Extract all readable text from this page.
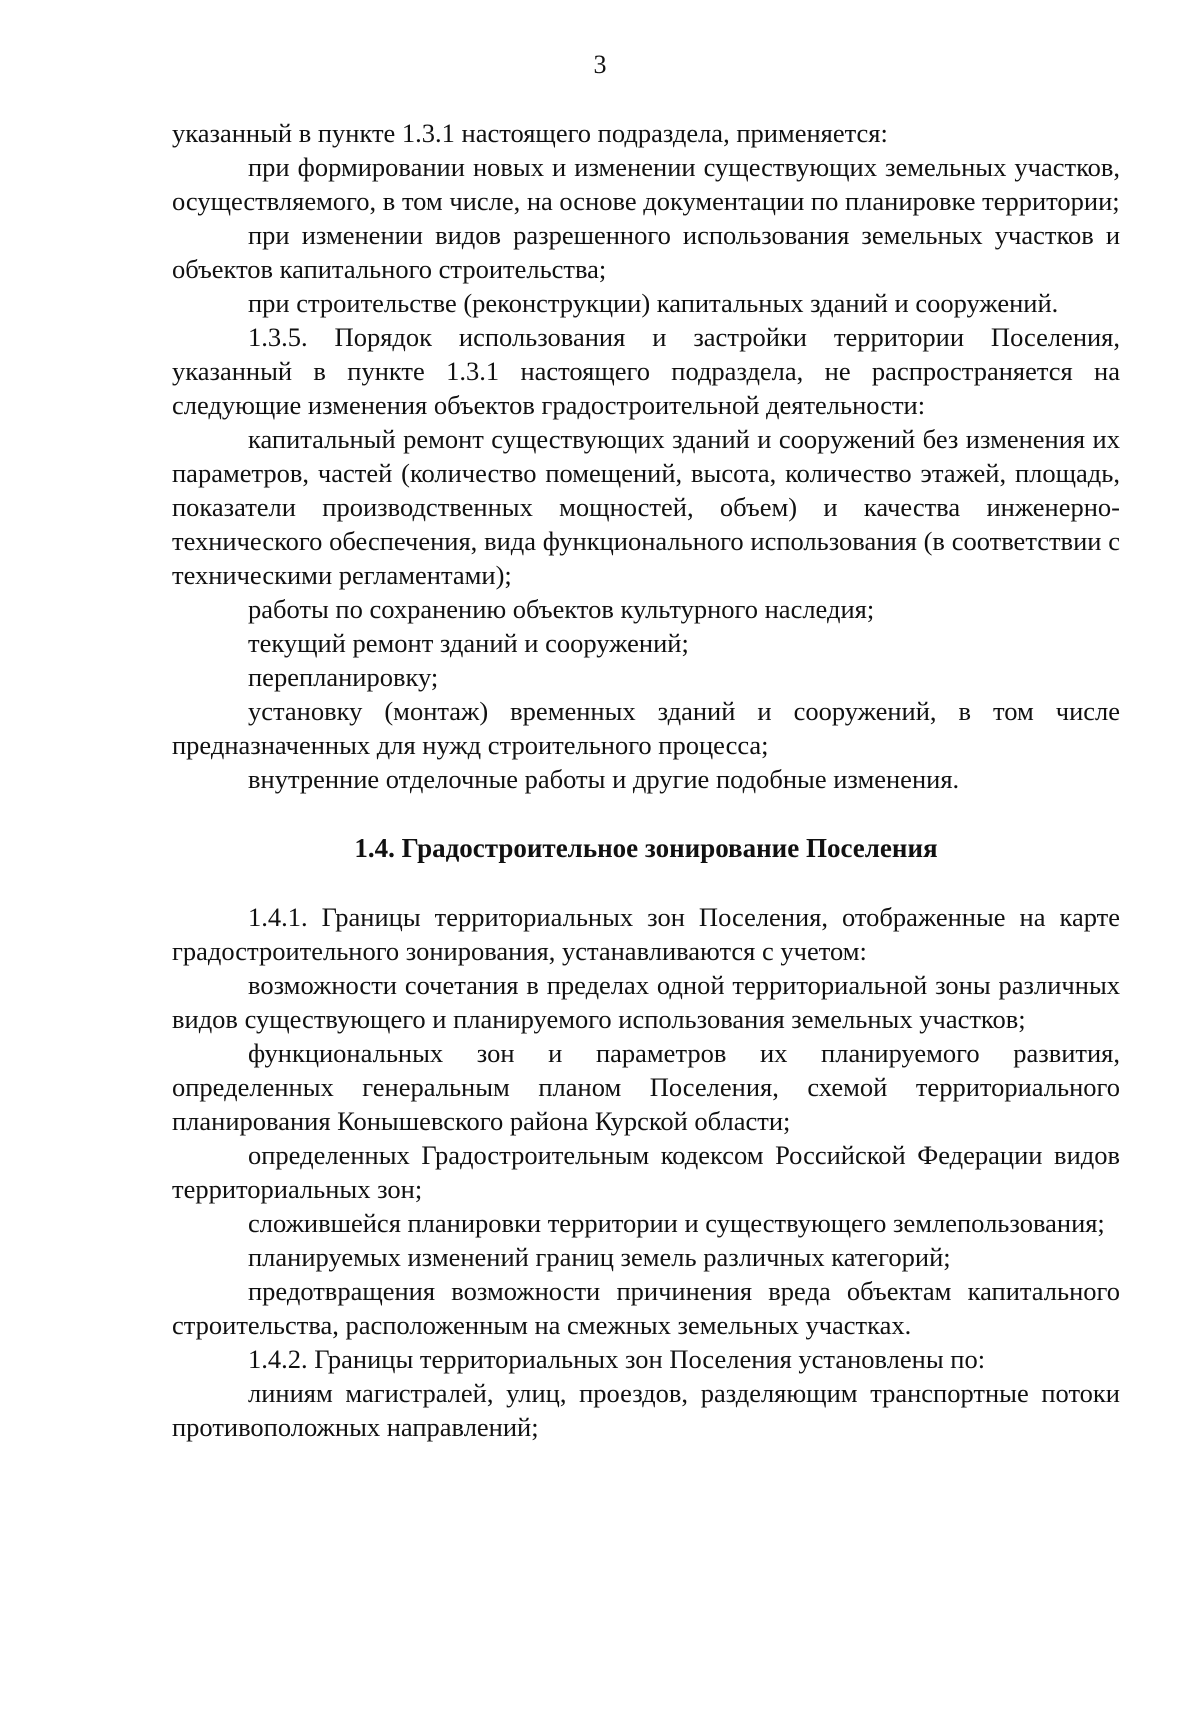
3

указанный в пункте 1.3.1 настоящего подраздела, применяется:

при формировании новых и изменении существующих земельных участков, осуществляемого, в том числе, на основе документации по планировке территории;

при изменении видов разрешенного использования земельных участков и объектов капитального строительства;

при строительстве (реконструкции) капитальных зданий и сооружений.

1.3.5. Порядок использования и застройки территории Поселения, указанный в пункте 1.3.1 настоящего подраздела, не распространяется на следующие изменения объектов градостроительной деятельности:

капитальный ремонт существующих зданий и сооружений без изменения их параметров, частей (количество помещений, высота, количество этажей, площадь, показатели производственных мощностей, объем) и качества инженерно-технического обеспечения, вида функционального использования (в соответствии с техническими регламентами);

работы по сохранению объектов культурного наследия;

текущий ремонт зданий и сооружений;

перепланировку;

установку (монтаж) временных зданий и сооружений, в том числе предназначенных для нужд строительного процесса;

внутренние отделочные работы и другие подобные изменения.

1.4. Градостроительное зонирование Поселения

1.4.1. Границы территориальных зон Поселения, отображенные на карте градостроительного зонирования, устанавливаются с учетом:

возможности сочетания в пределах одной территориальной зоны различных видов существующего и планируемого использования земельных участков;

функциональных зон и параметров их планируемого развития, определенных генеральным планом Поселения, схемой территориального планирования Конышевского района Курской области;

определенных Градостроительным кодексом Российской Федерации видов территориальных зон;

сложившейся планировки территории и существующего землепользования;

планируемых изменений границ земель различных категорий;

предотвращения возможности причинения вреда объектам капитального строительства, расположенным на смежных земельных участках.

1.4.2. Границы территориальных зон Поселения установлены по:

линиям магистралей, улиц, проездов, разделяющим транспортные потоки противоположных направлений;
